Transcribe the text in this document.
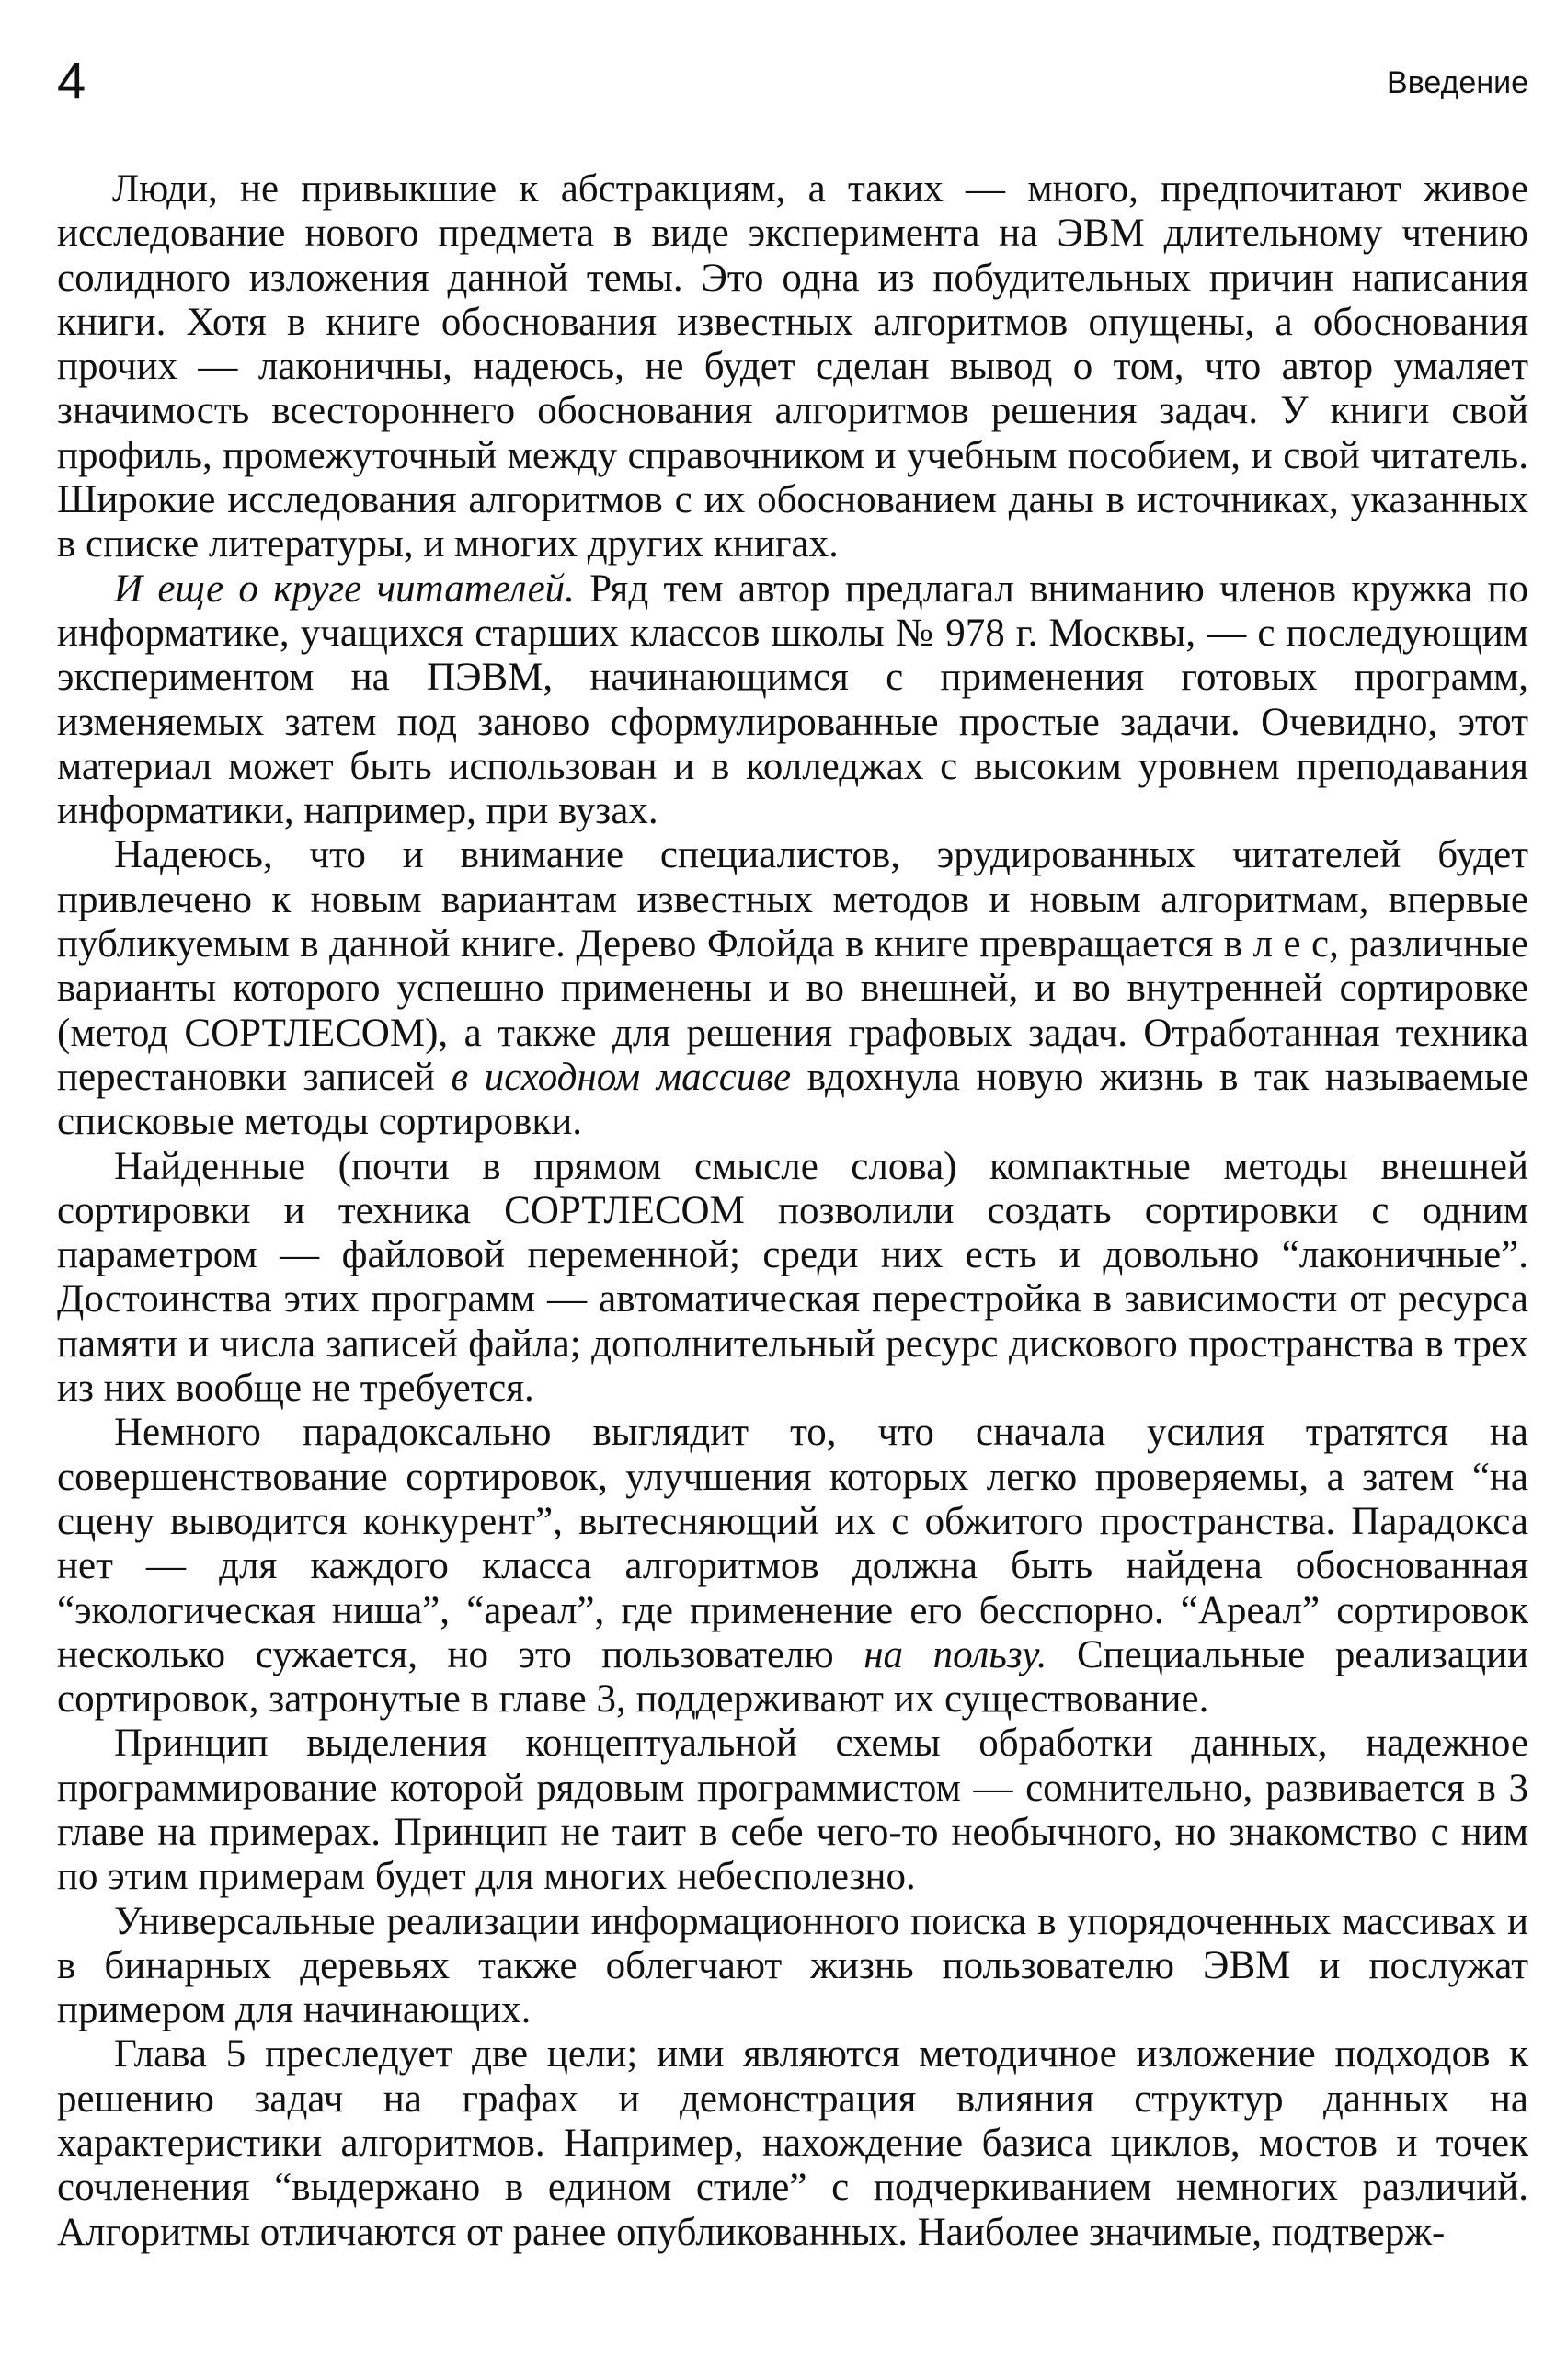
4	Введение

Люди, не привыкшие к абстракциям, а таких — много, предпочитают живое исследование нового предмета в виде эксперимента на ЭВМ длительному чтению солидного изложения данной темы. Это одна из побудительных причин написания книги. Хотя в книге обоснования известных алгоритмов опущены, а обоснования прочих — лаконичны, надеюсь, не будет сделан вывод о том, что автор умаляет значимость всестороннего обоснования алгоритмов решения задач. У книги свой профиль, промежуточный между справочником и учебным пособием, и свой читатель. Широкие исследования алгоритмов с их обоснованием даны в источниках, указанных в списке литературы, и многих других книгах.

И еще о круге читателей. Ряд тем автор предлагал вниманию членов кружка по информатике, учащихся старших классов школы № 978 г. Москвы, — с последующим экспериментом на ПЭВМ, начинающимся с применения готовых программ, изменяемых затем под заново сформулированные простые задачи. Очевидно, этот материал может быть использован и в колледжах с высоким уровнем преподавания информатики, например, при вузах.

Надеюсь, что и внимание специалистов, эрудированных читателей будет привлечено к новым вариантам известных методов и новым алгоритмам, впервые публикуемым в данной книге. Дерево Флойда в книге превращается в л е с, различные варианты которого успешно применены и во внешней, и во внутренней сортировке (метод СОРТЛЕСОМ), а также для решения графовых задач. Отработанная техника перестановки записей в исходном массиве вдохнула новую жизнь в так называемые списковые методы сортировки.

Найденные (почти в прямом смысле слова) компактные методы внешней сортировки и техника СОРТЛЕСОМ позволили создать сортировки с одним параметром — файловой переменной; среди них есть и довольно “лаконичные”. Достоинства этих программ — автоматическая перестройка в зависимости от ресурса памяти и числа записей файла; дополнительный ресурс дискового пространства в трех из них вообще не требуется.

Немного парадоксально выглядит то, что сначала усилия тратятся на совершенствование сортировок, улучшения которых легко проверяемы, а затем “на сцену выводится конкурент”, вытесняющий их с обжитого пространства. Парадокса нет — для каждого класса алгоритмов должна быть найдена обоснованная “экологическая ниша”, “ареал”, где применение его бесспорно. “Ареал” сортировок несколько сужается, но это пользователю на пользу. Специальные реализации сортировок, затронутые в главе 3, поддерживают их существование.

Принцип выделения концептуальной схемы обработки данных, надежное программирование которой рядовым программистом — сомнительно, развивается в 3 главе на примерах. Принцип не таит в себе чего-то необычного, но знакомство с ним по этим примерам будет для многих небесполезно.

Универсальные реализации информационного поиска в упорядоченных массивах и в бинарных деревьях также облегчают жизнь пользователю ЭВМ и послужат примером для начинающих.

Глава 5 преследует две цели; ими являются методичное изложение подходов к решению задач на графах и демонстрация влияния структур данных на характеристики алгоритмов. Например, нахождение базиса циклов, мостов и точек сочленения “выдержано в едином стиле” с подчеркиванием немногих различий. Алгоритмы отличаются от ранее опубликованных. Наиболее значимые, подтверж-
